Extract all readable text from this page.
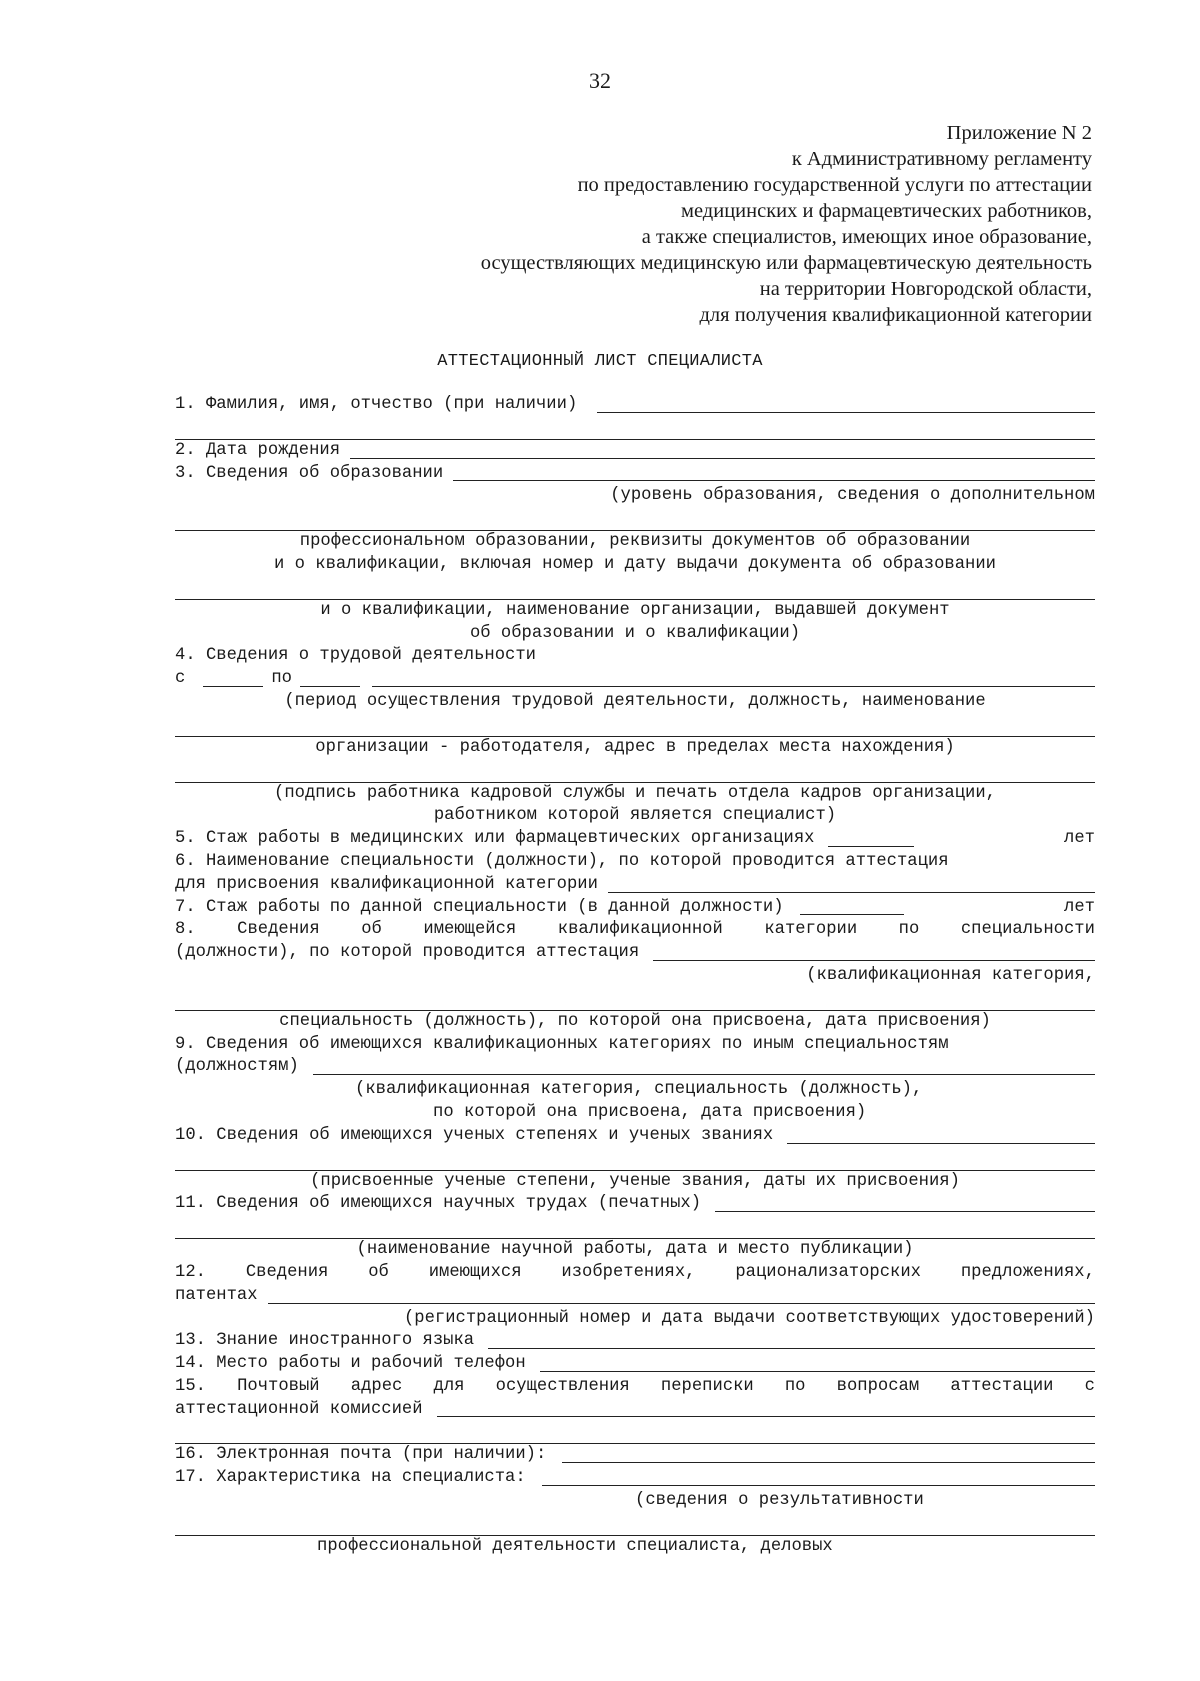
32
Приложение N 2
к Административному регламенту
по предоставлению государственной услуги по аттестации
медицинских и фармацевтических работников,
а также специалистов, имеющих иное образование,
осуществляющих медицинскую или фармацевтическую деятельность
на территории Новгородской области,
для получения квалификационной категории
АТТЕСТАЦИОННЫЙ ЛИСТ СПЕЦИАЛИСТА
1. Фамилия, имя, отчество (при наличии)
2. Дата рождения
3. Сведения об образовании
(уровень образования, сведения о дополнительном
профессиональном образовании, реквизиты документов об образовании
и о квалификации, включая номер и дату выдачи документа об образовании
и о квалификации, наименование организации, выдавшей документ
об образовании и о квалификации)
4. Сведения о трудовой деятельности
с	по
(период осуществления трудовой деятельности, должность, наименование
организации - работодателя, адрес в пределах места нахождения)
(подпись работника кадровой службы и печать отдела кадров организации,
работником которой является специалист)
5. Стаж работы в медицинских или фармацевтических организациях	лет
6. Наименование специальности (должности), по которой проводится аттестация
для присвоения квалификационной категории
7. Стаж работы по данной специальности (в данной должности)	лет
8. Сведения об имеющейся квалификационной категории по специальности
(должности), по которой проводится аттестация
(квалификационная категория,
специальность (должность), по которой она присвоена, дата присвоения)
9. Сведения об имеющихся квалификационных категориях по иным специальностям
(должностям)
(квалификационная категория, специальность (должность),
по которой она присвоена, дата присвоения)
10. Сведения об имеющихся ученых степенях и ученых званиях
(присвоенные ученые степени, ученые звания, даты их присвоения)
11. Сведения об имеющихся научных трудах (печатных)
(наименование научной работы, дата и место публикации)
12. Сведения об имеющихся изобретениях, рационализаторских предложениях,
патентах
(регистрационный номер и дата выдачи соответствующих удостоверений)
13. Знание иностранного языка
14. Место работы и рабочий телефон
15. Почтовый адрес для осуществления переписки по вопросам аттестации с
аттестационной комиссией
16. Электронная почта (при наличии):
17. Характеристика на специалиста:
(сведения о результативности
профессиональной деятельности специалиста, деловых
